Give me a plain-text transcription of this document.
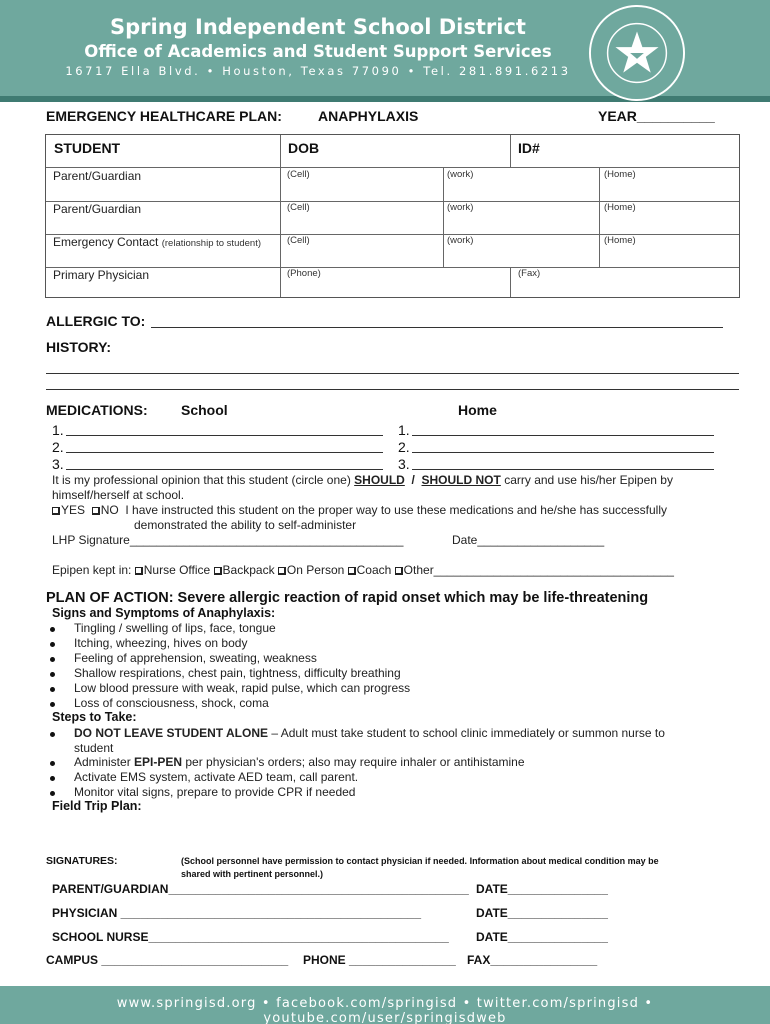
Spring Independent School District
Office of Academics and Student Support Services
16717 Ella Blvd. • Houston, Texas 77090 • Tel. 281.891.6213
EMERGENCY HEALTHCARE PLAN:	ANAPHYLAXIS	YEAR__________
STUDENT	DOB	ID#
Parent/Guardian	(Cell)	(work)	(Home)
Parent/Guardian	(Cell)	(work)	(Home)
Emergency Contact (relationship to student)	(Cell)	(work)	(Home)
Primary Physician	(Phone)	(Fax)
ALLERGIC TO:
HISTORY:
MEDICATIONS: School	Home
1.
2.
3.
1.
2.
3.
It is my professional opinion that this student (circle one) SHOULD / SHOULD NOT carry and use his/her Epipen by
himself/herself at school.
YES NO I have instructed this student on the proper way to use these medications and he/she has successfully
demonstrated the ability to self-administer
LHP Signature_________________________________________	Date___________________
Epipen kept in: Nurse Office Backpack On Person Coach Other____________________________________
PLAN OF ACTION: Severe allergic reaction of rapid onset which may be life-threatening
Signs and Symptoms of Anaphylaxis:
Tingling / swelling of lips, face, tongue
Itching, wheezing, hives on body
Feeling of apprehension, sweating, weakness
Shallow respirations, chest pain, tightness, difficulty breathing
Low blood pressure with weak, rapid pulse, which can progress
Loss of consciousness, shock, coma
Steps to Take:
DO NOT LEAVE STUDENT ALONE – Adult must take student to school clinic immediately or summon nurse to
student
Administer EPI-PEN per physician's orders; also may require inhaler or antihistamine
Activate EMS system, activate AED team, call parent.
Monitor vital signs, prepare to provide CPR if needed
Field Trip Plan:
SIGNATURES:	(School personnel have permission to contact physician if needed. Information about medical condition may be
shared with pertinent personnel.)
PARENT/GUARDIAN_____________________________________________ DATE_______________
PHYSICIAN _____________________________________________	DATE_______________
SCHOOL NURSE_____________________________________________ DATE_______________
CAMPUS ____________________________ PHONE ________________ FAX________________
www.springisd.org • facebook.com/springisd • twitter.com/springisd • youtube.com/user/springisdweb
